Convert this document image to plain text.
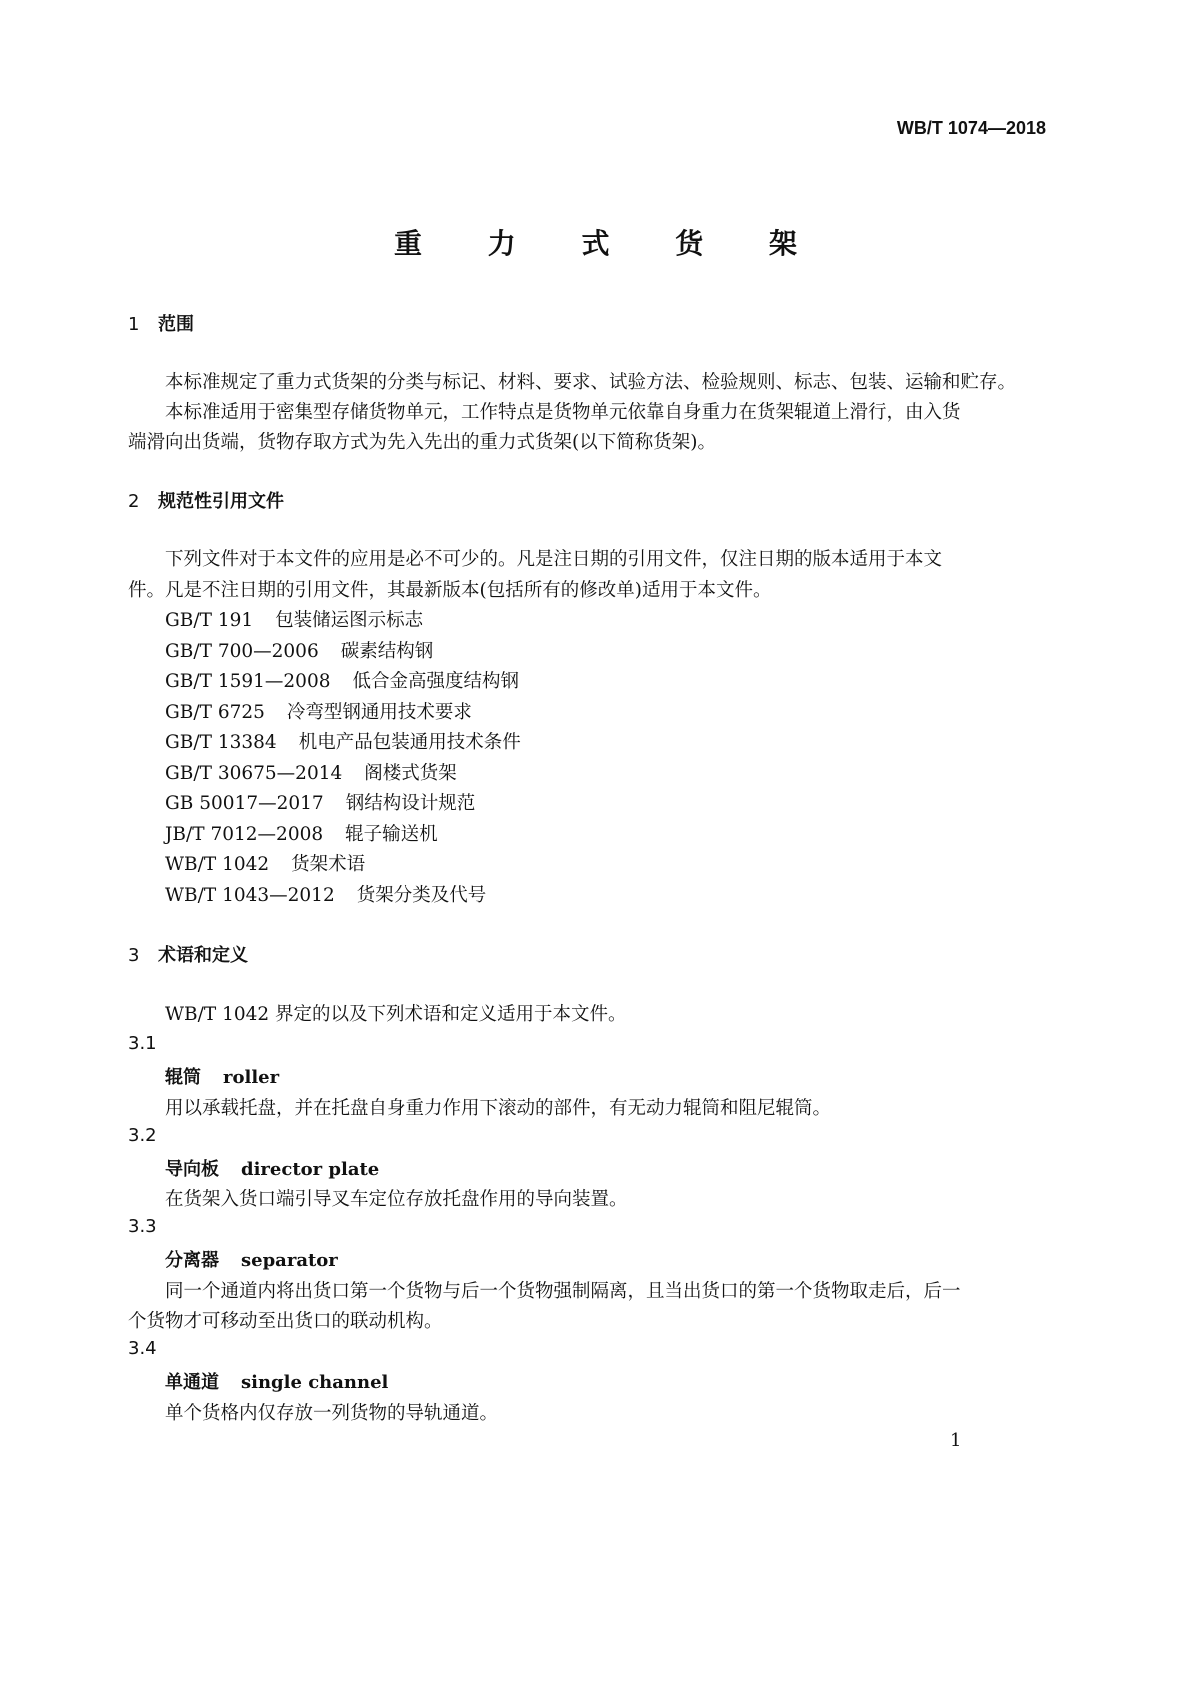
WB/T 1074—2018
重 力 式 货 架
1 范围
本标准规定了重力式货架的分类与标记、材料、要求、试验方法、检验规则、标志、包装、运输和贮存。
本标准适用于密集型存储货物单元，工作特点是货物单元依靠自身重力在货架辊道上滑行，由入货
端滑向出货端，货物存取方式为先入先出的重力式货架(以下简称货架)。
2 规范性引用文件
下列文件对于本文件的应用是必不可少的。凡是注日期的引用文件，仅注日期的版本适用于本文
件。凡是不注日期的引用文件，其最新版本(包括所有的修改单)适用于本文件。
GB/T 191 包装储运图示标志
GB/T 700—2006 碳素结构钢
GB/T 1591—2008 低合金高强度结构钢
GB/T 6725 冷弯型钢通用技术要求
GB/T 13384 机电产品包装通用技术条件
GB/T 30675—2014 阁楼式货架
GB 50017—2017 钢结构设计规范
JB/T 7012—2008 辊子输送机
WB/T 1042 货架术语
WB/T 1043—2012 货架分类及代号
3 术语和定义
WB/T 1042 界定的以及下列术语和定义适用于本文件。
3.1
辊筒 roller
用以承载托盘，并在托盘自身重力作用下滚动的部件，有无动力辊筒和阻尼辊筒。
3.2
导向板 director plate
在货架入货口端引导叉车定位存放托盘作用的导向装置。
3.3
分离器 separator
同一个通道内将出货口第一个货物与后一个货物强制隔离，且当出货口的第一个货物取走后，后一
个货物才可移动至出货口的联动机构。
3.4
单通道 single channel
单个货格内仅存放一列货物的导轨通道。
1
